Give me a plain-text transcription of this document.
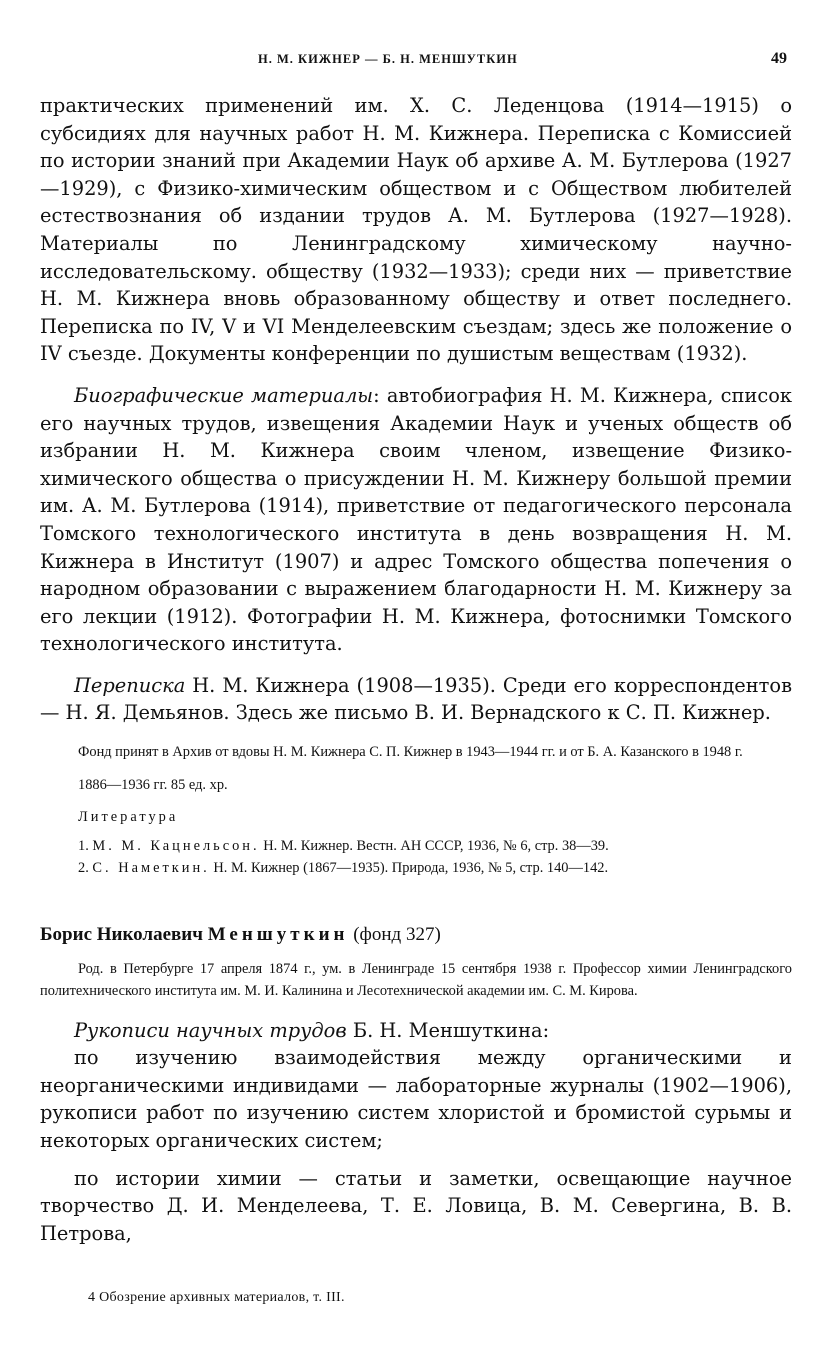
Н. М. КИЖНЕР — Б. Н. МЕНШУТКИН	49

практических применений им. Х. С. Леденцова (1914—1915) о субсидиях для научных работ Н. М. Кижнера. Переписка с Комиссией по истории знаний при Академии Наук об архиве А. М. Бутлерова (1927—1929), с Физико-химическим обществом и с Обществом любителей естествознания об издании трудов А. М. Бутлерова (1927—1928). Материалы по Ленинградскому химическому научно-исследовательскому. обществу (1932—1933); среди них — приветствие Н. М. Кижнера вновь образованному обществу и ответ последнего. Переписка по IV, V и VI Менделеевским съездам; здесь же положение о IV съезде. Документы конференции по душистым веществам (1932).

Биографические материалы: автобиография Н. М. Кижнера, список его научных трудов, извещения Академии Наук и ученых обществ об избрании Н. М. Кижнера своим членом, извещение Физико-химического общества о присуждении Н. М. Кижнеру большой премии им. А. М. Бутлерова (1914), приветствие от педагогического персонала Томского технологического института в день возвращения Н. М. Кижнера в Институт (1907) и адрес Томского общества попечения о народном образовании с выражением благодарности Н. М. Кижнеру за его лекции (1912). Фотографии Н. М. Кижнера, фотоснимки Томского технологического института.

Переписка Н. М. Кижнера (1908—1935). Среди его корреспондентов — Н. Я. Демьянов. Здесь же письмо В. И. Вернадского к С. П. Кижнер.

Фонд принят в Архив от вдовы Н. М. Кижнера С. П. Кижнер в 1943—1944 гг. и от Б. А. Казанского в 1948 г.

1886—1936 гг. 85 ед. хр.

Литература

1. М. М. Кацнельсон. Н. М. Кижнер. Вестн. АН СССР, 1936, № 6, стр. 38—39.

2. С. Наметкин. Н. М. Кижнер (1867—1935). Природа, 1936, № 5, стр. 140—142.

Борис Николаевич Меншуткин (фонд 327)

Род. в Петербурге 17 апреля 1874 г., ум. в Ленинграде 15 сентября 1938 г. Профессор химии Ленинградского политехнического института им. М. И. Калинина и Лесотехнической академии им. С. М. Кирова.

Рукописи научных трудов Б. Н. Меншуткина:

по изучению взаимодействия между органическими и неорганическими индивидами — лабораторные журналы (1902—1906), рукописи работ по изучению систем хлористой и бромистой сурьмы и некоторых органических систем;

по истории химии — статьи и заметки, освещающие научное творчество Д. И. Менделеева, Т. Е. Ловица, В. М. Севергина, В. В. Петрова,

4 Обозрение архивных материалов, т. III.
